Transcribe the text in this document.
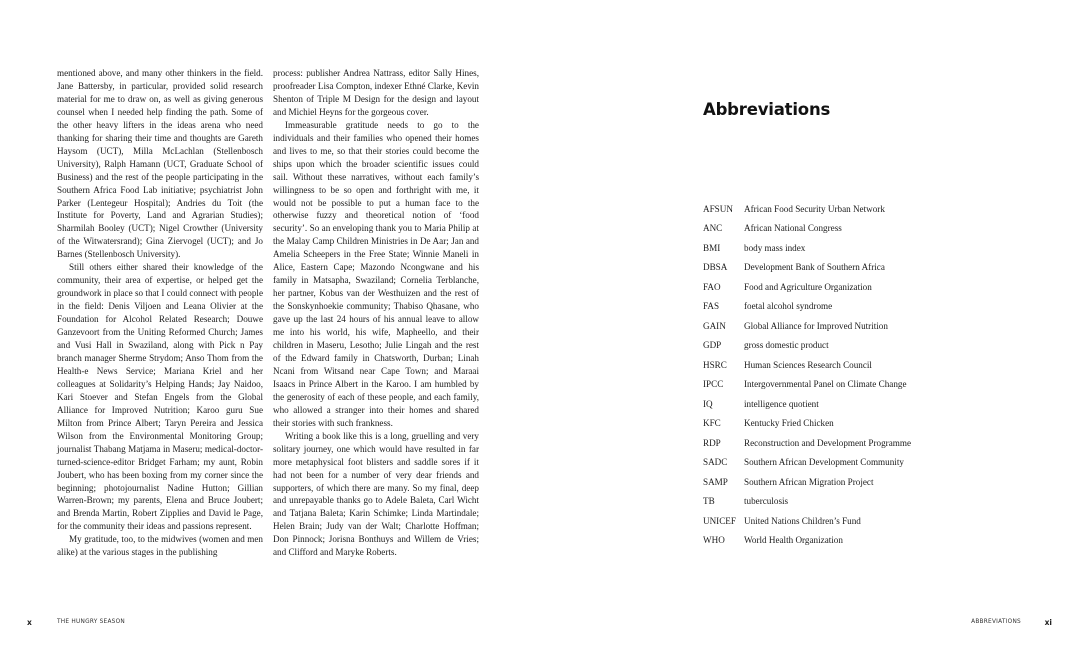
mentioned above, and many other thinkers in the field. Jane Battersby, in particular, provided solid research material for me to draw on, as well as giving generous counsel when I needed help finding the path. Some of the other heavy lifters in the ideas arena who need thanking for sharing their time and thoughts are Gareth Haysom (UCT), Milla McLachlan (Stellenbosch University), Ralph Hamann (UCT, Graduate School of Business) and the rest of the people participating in the Southern Africa Food Lab initiative; psychiatrist John Parker (Lentegeur Hospital); Andries du Toit (the Institute for Poverty, Land and Agrarian Studies); Sharmilah Booley (UCT); Nigel Crowther (University of the Witwatersrand); Gina Ziervogel (UCT); and Jo Barnes (Stellenbosch University).

Still others either shared their knowledge of the community, their area of expertise, or helped get the groundwork in place so that I could connect with people in the field: Denis Viljoen and Leana Olivier at the Foundation for Alcohol Related Research; Douwe Ganzevoort from the Uniting Reformed Church; James and Vusi Hall in Swaziland, along with Pick n Pay branch manager Sherme Strydom; Anso Thom from the Health-e News Service; Mariana Kriel and her colleagues at Solidarity’s Helping Hands; Jay Naidoo, Kari Stoever and Stefan Engels from the Global Alliance for Improved Nutrition; Karoo guru Sue Milton from Prince Albert; Taryn Pereira and Jessica Wilson from the Environmental Monitoring Group; journalist Thabang Matjama in Maseru; medical-doctor-turned-science-editor Bridget Farham; my aunt, Robin Joubert, who has been boxing from my corner since the beginning; photojournalist Nadine Hutton; Gillian Warren-Brown; my parents, Elena and Bruce Joubert; and Brenda Martin, Robert Zipplies and David le Page, for the community their ideas and passions represent.

My gratitude, too, to the midwives (women and men alike) at the various stages in the publishing

process: publisher Andrea Nattrass, editor Sally Hines, proofreader Lisa Compton, indexer Ethné Clarke, Kevin Shenton of Triple M Design for the design and layout and Michiel Heyns for the gorgeous cover.

Immeasurable gratitude needs to go to the individuals and their families who opened their homes and lives to me, so that their stories could become the ships upon which the broader scientific issues could sail. Without these narratives, without each family’s willingness to be so open and forthright with me, it would not be possible to put a human face to the otherwise fuzzy and theoretical notion of ‘food security’. So an enveloping thank you to Maria Philip at the Malay Camp Children Ministries in De Aar; Jan and Amelia Scheepers in the Free State; Winnie Maneli in Alice, Eastern Cape; Mazondo Ncongwane and his family in Matsapha, Swaziland; Cornelia Terblanche, her partner, Kobus van der Westhuizen and the rest of the Sonskynhoekie community; Thabiso Qhasane, who gave up the last 24 hours of his annual leave to allow me into his world, his wife, Mapheello, and their children in Maseru, Lesotho; Julie Lingah and the rest of the Edward family in Chatsworth, Durban; Linah Ncani from Witsand near Cape Town; and Maraai Isaacs in Prince Albert in the Karoo. I am humbled by the generosity of each of these people, and each family, who allowed a stranger into their homes and shared their stories with such frankness.

Writing a book like this is a long, gruelling and very solitary journey, one which would have resulted in far more metaphysical foot blisters and saddle sores if it had not been for a number of very dear friends and supporters, of which there are many. So my final, deep and unrepayable thanks go to Adele Baleta, Carl Wicht and Tatjana Baleta; Karin Schimke; Linda Martindale; Helen Brain; Judy van der Walt; Charlotte Hoffman; Don Pinnock; Jorisna Bonthuys and Willem de Vries; and Clifford and Maryke Roberts.

x	THE HUNGRY SEASON
Abbreviations
AFSUN	African Food Security Urban Network
ANC	African National Congress
BMI	body mass index
DBSA	Development Bank of Southern Africa
FAO	Food and Agriculture Organization
FAS	foetal alcohol syndrome
GAIN	Global Alliance for Improved Nutrition
GDP	gross domestic product
HSRC	Human Sciences Research Council
IPCC	Intergovernmental Panel on Climate Change
IQ	intelligence quotient
KFC	Kentucky Fried Chicken
RDP	Reconstruction and Development Programme
SADC	Southern African Development Community
SAMP	Southern African Migration Project
TB	tuberculosis
UNICEF United Nations Children’s Fund
WHO	World Health Organization
ABBREVIATIONS	xi
